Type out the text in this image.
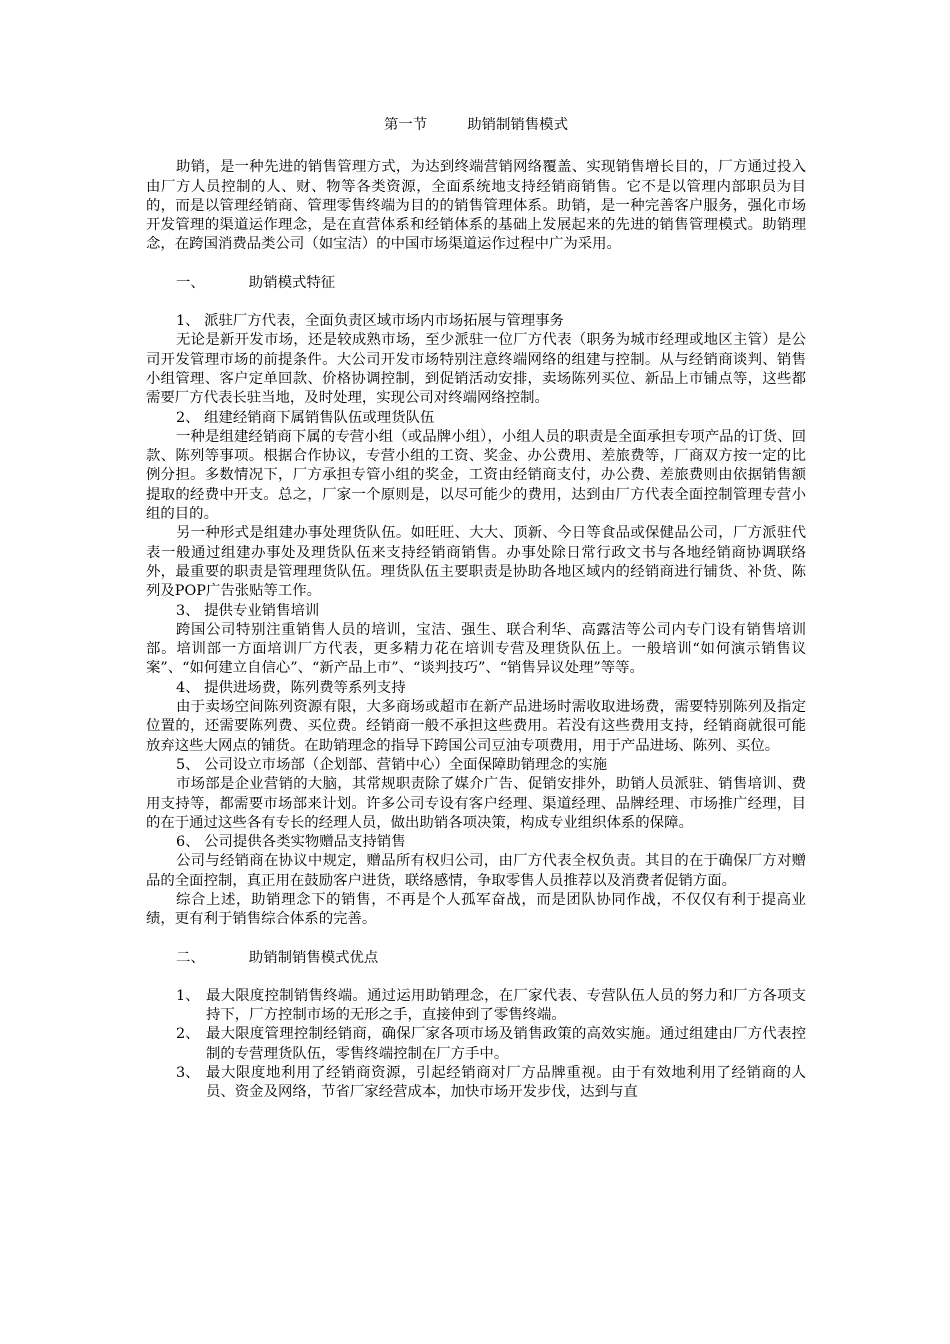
第一节	助销制销售模式

助销，是一种先进的销售管理方式，为达到终端营销网络覆盖、实现销售增长目的，厂方通过投入由厂方人员控制的人、财、物等各类资源，全面系统地支持经销商销售。它不是以管理内部职员为目的，而是以管理经销商、管理零售终端为目的的销售管理体系。助销，是一种完善客户服务，强化市场开发管理的渠道运作理念，是在直营体系和经销体系的基础上发展起来的先进的销售管理模式。助销理念，在跨国消费品类公司（如宝洁）的中国市场渠道运作过程中广为采用。

一、	助销模式特征

1、 派驻厂方代表，全面负责区域市场内市场拓展与管理事务

无论是新开发市场，还是较成熟市场，至少派驻一位厂方代表（职务为城市经理或地区主管）是公司开发管理市场的前提条件。大公司开发市场特别注意终端网络的组建与控制。从与经销商谈判、销售小组管理、客户定单回款、价格协调控制，到促销活动安排，卖场陈列买位、新品上市铺点等，这些都需要厂方代表长驻当地，及时处理，实现公司对终端网络控制。

2、 组建经销商下属销售队伍或理货队伍

一种是组建经销商下属的专营小组（或品牌小组），小组人员的职责是全面承担专项产品的订货、回款、陈列等事项。根据合作协议，专营小组的工资、奖金、办公费用、差旅费等，厂商双方按一定的比例分担。多数情况下，厂方承担专管小组的奖金，工资由经销商支付，办公费、差旅费则由依据销售额提取的经费中开支。总之，厂家一个原则是，以尽可能少的费用，达到由厂方代表全面控制管理专营小组的目的。

另一种形式是组建办事处理货队伍。如旺旺、大大、顶新、今日等食品或保健品公司，厂方派驻代表一般通过组建办事处及理货队伍来支持经销商销售。办事处除日常行政文书与各地经销商协调联络外，最重要的职责是管理理货队伍。理货队伍主要职责是协助各地区域内的经销商进行铺货、补货、陈列及POP广告张贴等工作。

3、 提供专业销售培训

跨国公司特别注重销售人员的培训，宝洁、强生、联合利华、高露洁等公司内专门设有销售培训部。培训部一方面培训厂方代表，更多精力花在培训专营及理货队伍上。一般培训“如何演示销售议案”、“如何建立自信心”、“新产品上市”、“谈判技巧”、“销售异议处理”等等。

4、 提供进场费，陈列费等系列支持

由于卖场空间陈列资源有限，大多商场或超市在新产品进场时需收取进场费，需要特别陈列及指定位置的，还需要陈列费、买位费。经销商一般不承担这些费用。若没有这些费用支持，经销商就很可能放弃这些大网点的铺货。在助销理念的指导下跨国公司豆油专项费用，用于产品进场、陈列、买位。

5、 公司设立市场部（企划部、营销中心）全面保障助销理念的实施

市场部是企业营销的大脑，其常规职责除了媒介广告、促销安排外，助销人员派驻、销售培训、费用支持等，都需要市场部来计划。许多公司专设有客户经理、渠道经理、品牌经理、市场推广经理，目的在于通过这些各有专长的经理人员，做出助销各项决策，构成专业组织体系的保障。

6、 公司提供各类实物赠品支持销售

公司与经销商在协议中规定，赠品所有权归公司，由厂方代表全权负责。其目的在于确保厂方对赠品的全面控制，真正用在鼓励客户进货，联络感情，争取零售人员推荐以及消费者促销方面。

综合上述，助销理念下的销售，不再是个人孤军奋战，而是团队协同作战，不仅仅有利于提高业绩，更有利于销售综合体系的完善。

二、	助销制销售模式优点
1、 最大限度控制销售终端。通过运用助销理念，在厂家代表、专营队伍人员的努力和厂方各项支持下，厂方控制市场的无形之手，直接伸到了零售终端。
2、 最大限度管理控制经销商，确保厂家各项市场及销售政策的高效实施。通过组建由厂方代表控制的专营理货队伍，零售终端控制在厂方手中。
3、 最大限度地利用了经销商资源，引起经销商对厂方品牌重视。由于有效地利用了经销商的人员、资金及网络，节省厂家经营成本，加快市场开发步伐，达到与直
